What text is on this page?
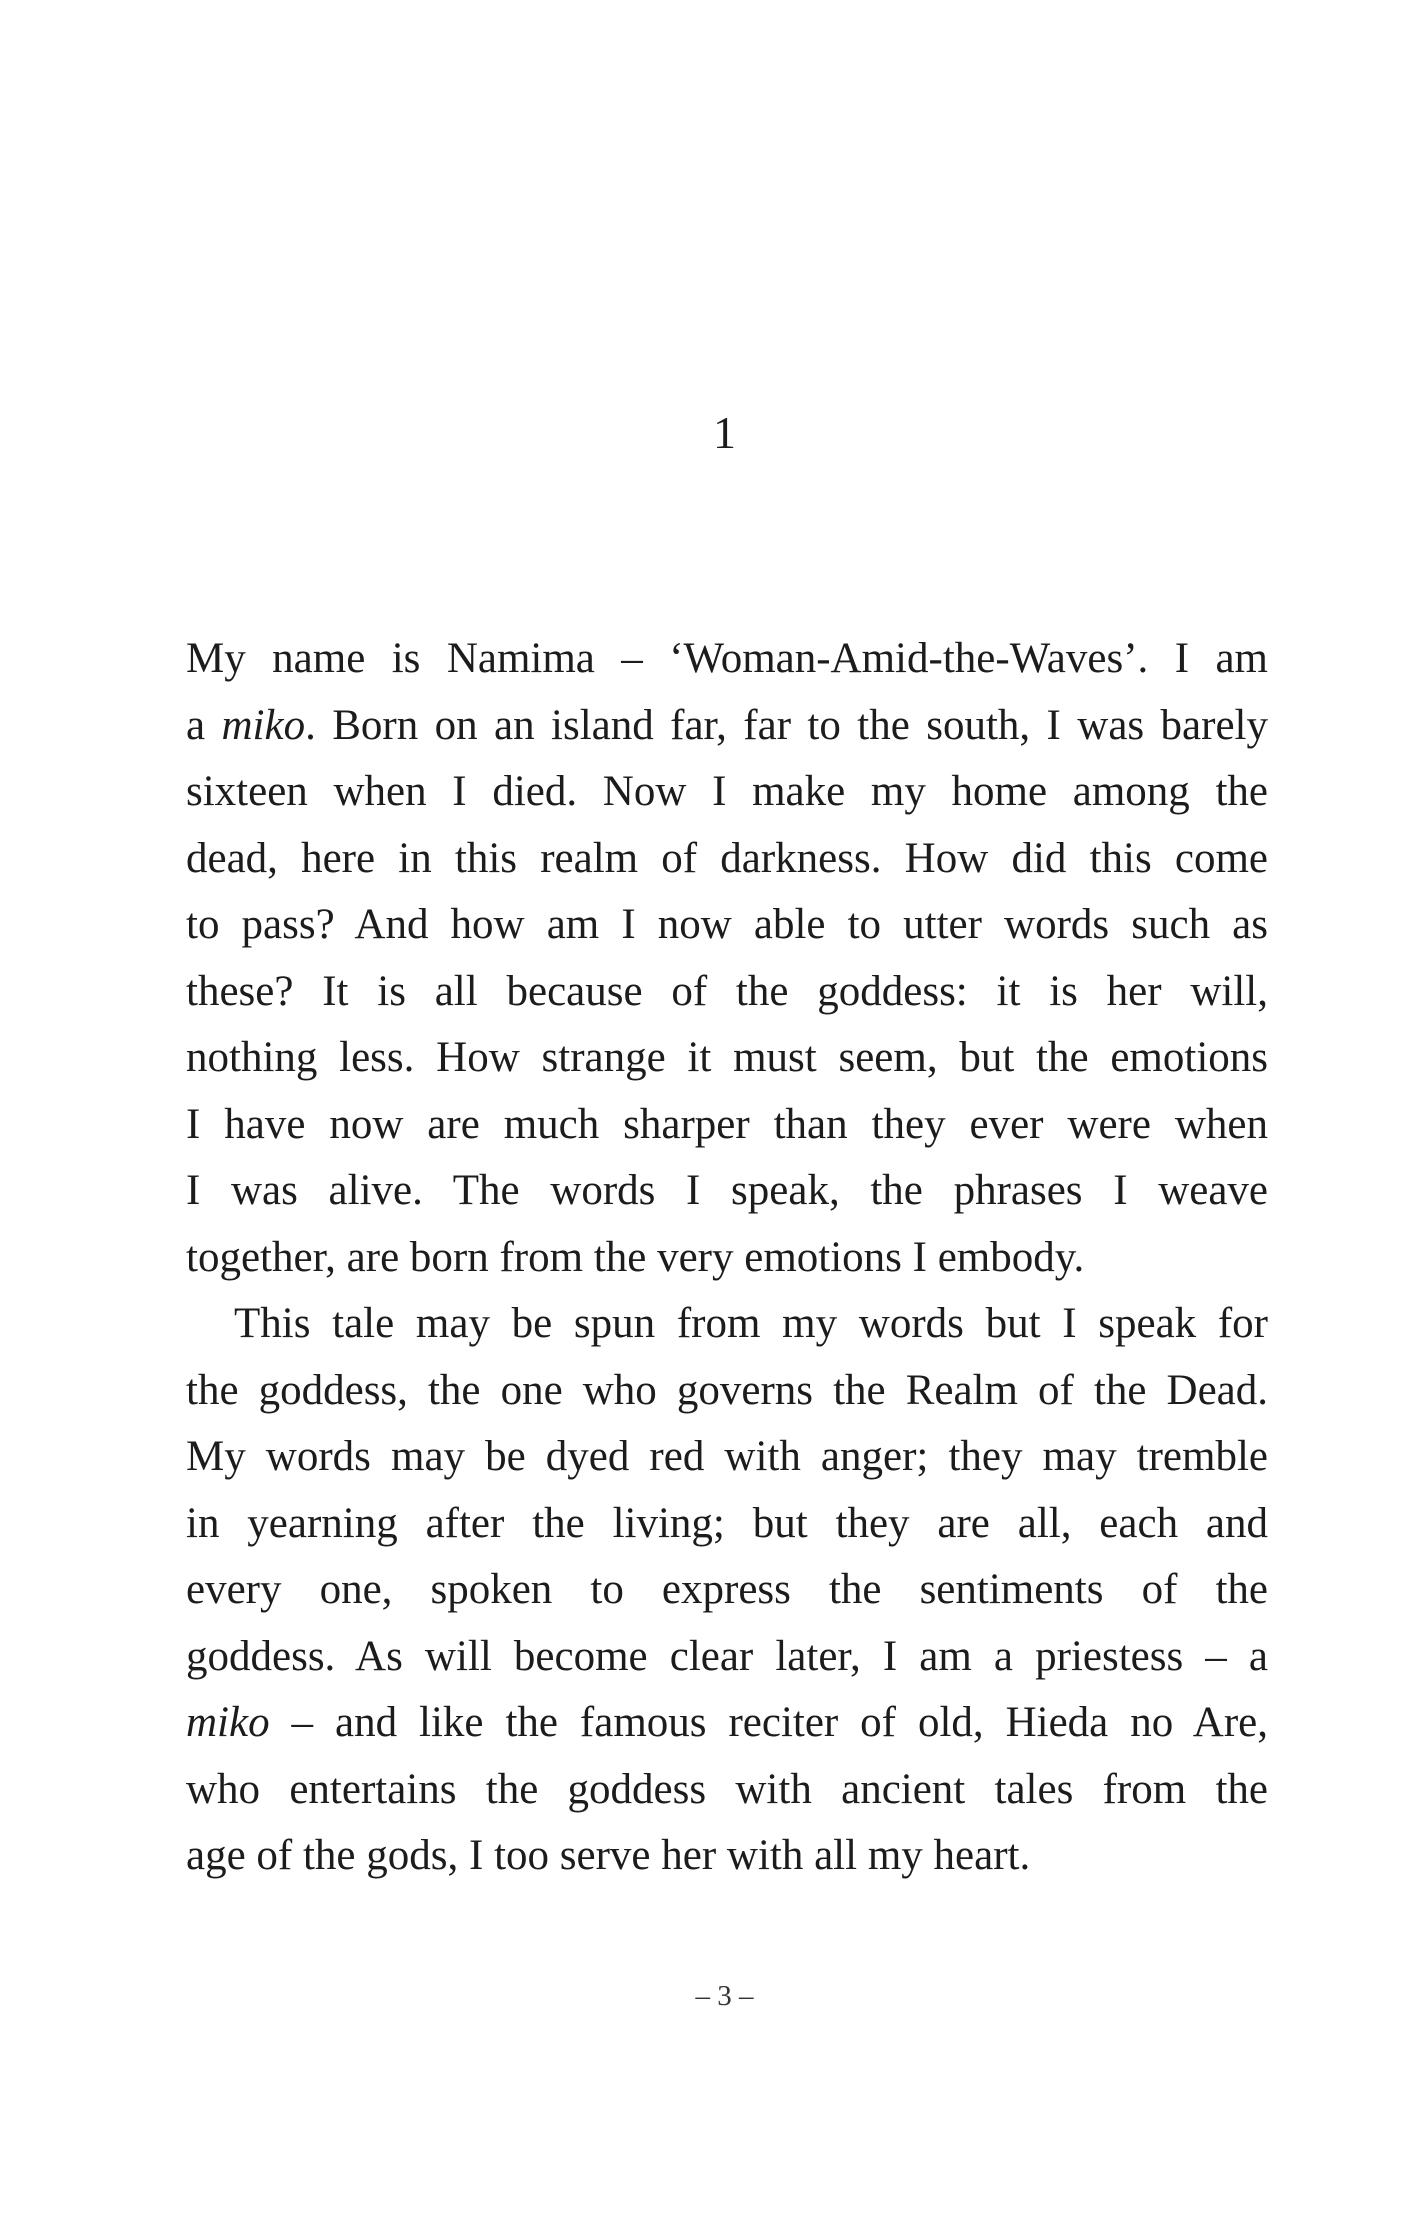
1
My name is Namima – ‘Woman-Amid-the-Waves’. I am
a miko. Born on an island far, far to the south, I was barely
sixteen when I died. Now I make my home among the
dead, here in this realm of darkness. How did this come
to pass? And how am I now able to utter words such as
these? It is all because of the goddess: it is her will,
nothing less. How strange it must seem, but the emotions
I have now are much sharper than they ever were when
I was alive. The words I speak, the phrases I weave
together, are born from the very emotions I embody.
This tale may be spun from my words but I speak for
the goddess, the one who governs the Realm of the Dead.
My words may be dyed red with anger; they may tremble
in yearning after the living; but they are all, each and
every one, spoken to express the sentiments of the
goddess. As will become clear later, I am a priestess – a
miko – and like the famous reciter of old, Hieda no Are,
who entertains the goddess with ancient tales from the
age of the gods, I too serve her with all my heart.
– 3 –
